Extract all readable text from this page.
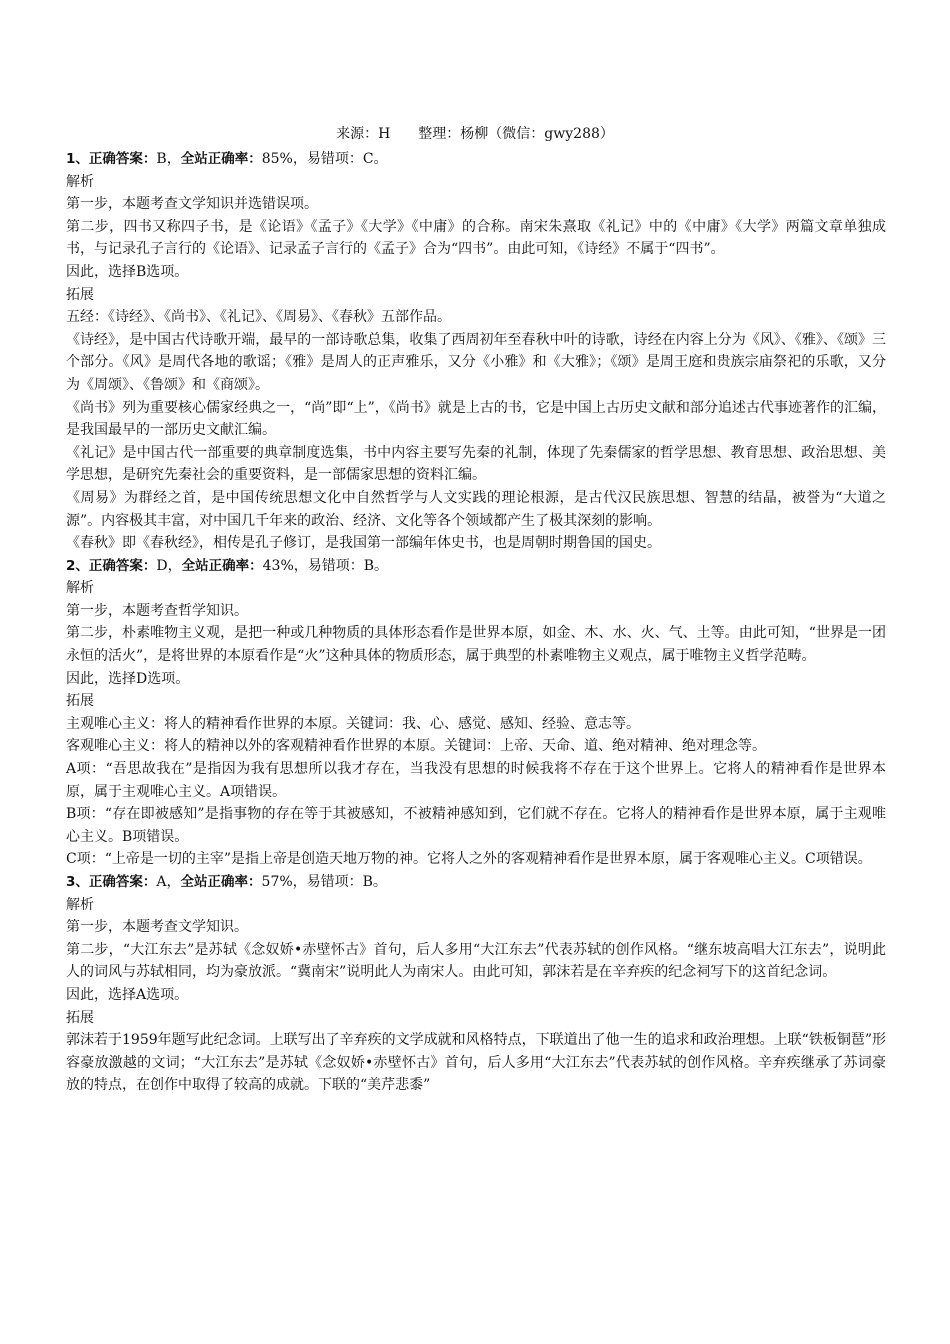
来源：H　　整理：杨柳（微信：gwy288）

1、正确答案：B，全站正确率：85%，易错项：C。

解析

第一步，本题考查文学知识并选错误项。

第二步，四书又称四子书，是《论语》《孟子》《大学》《中庸》的合称。南宋朱熹取《礼记》中的《中庸》《大学》两篇文章单独成书，与记录孔子言行的《论语》、记录孟子言行的《孟子》合为“四书”。由此可知，《诗经》不属于“四书”。

因此，选择B选项。

拓展

五经：《诗经》、《尚书》、《礼记》、《周易》、《春秋》五部作品。

《诗经》，是中国古代诗歌开端，最早的一部诗歌总集，收集了西周初年至春秋中叶的诗歌，诗经在内容上分为《风》、《雅》、《颂》三个部分。《风》是周代各地的歌谣；《雅》是周人的正声雅乐，又分《小雅》和《大雅》；《颂》是周王庭和贵族宗庙祭祀的乐歌，又分为《周颂》、《鲁颂》和《商颂》。

《尚书》列为重要核心儒家经典之一，“尚”即“上”，《尚书》就是上古的书，它是中国上古历史文献和部分追述古代事迹著作的汇编，是我国最早的一部历史文献汇编。

《礼记》是中国古代一部重要的典章制度选集，书中内容主要写先秦的礼制，体现了先秦儒家的哲学思想、教育思想、政治思想、美学思想，是研究先秦社会的重要资料，是一部儒家思想的资料汇编。

《周易》为群经之首，是中国传统思想文化中自然哲学与人文实践的理论根源，是古代汉民族思想、智慧的结晶，被誉为“大道之源”。内容极其丰富，对中国几千年来的政治、经济、文化等各个领域都产生了极其深刻的影响。

《春秋》即《春秋经》，相传是孔子修订，是我国第一部编年体史书，也是周朝时期鲁国的国史。

2、正确答案：D，全站正确率：43%，易错项：B。

解析

第一步，本题考查哲学知识。

第二步，朴素唯物主义观，是把一种或几种物质的具体形态看作是世界本原，如金、木、水、火、气、土等。由此可知，“世界是一团永恒的活火”，是将世界的本原看作是“火”这种具体的物质形态，属于典型的朴素唯物主义观点，属于唯物主义哲学范畴。

因此，选择D选项。

拓展

主观唯心主义：将人的精神看作世界的本原。关键词：我、心、感觉、感知、经验、意志等。

客观唯心主义：将人的精神以外的客观精神看作世界的本原。关键词：上帝、天命、道、绝对精神、绝对理念等。

A项：“吾思故我在”是指因为我有思想所以我才存在，当我没有思想的时候我将不存在于这个世界上。它将人的精神看作是世界本原，属于主观唯心主义。A项错误。

B项：“存在即被感知”是指事物的存在等于其被感知，不被精神感知到，它们就不存在。它将人的精神看作是世界本原，属于主观唯心主义。B项错误。

C项：“上帝是一切的主宰”是指上帝是创造天地万物的神。它将人之外的客观精神看作是世界本原，属于客观唯心主义。C项错误。

3、正确答案：A，全站正确率：57%，易错项：B。

解析

第一步，本题考查文学知识。

第二步，“大江东去”是苏轼《念奴娇•赤壁怀古》首句，后人多用“大江东去”代表苏轼的创作风格。“继东坡高唱大江东去”，说明此人的词风与苏轼相同，均为豪放派。“冀南宋”说明此人为南宋人。由此可知，郭沫若是在辛弃疾的纪念祠写下的这首纪念词。

因此，选择A选项。

拓展

郭沫若于1959年题写此纪念词。上联写出了辛弃疾的文学成就和风格特点，下联道出了他一生的追求和政治理想。上联“铁板铜琶”形容豪放激越的文词；“大江东去”是苏轼《念奴娇•赤壁怀古》首句，后人多用“大江东去”代表苏轼的创作风格。辛弃疾继承了苏词豪放的特点，在创作中取得了较高的成就。下联的“美芹悲黍”
